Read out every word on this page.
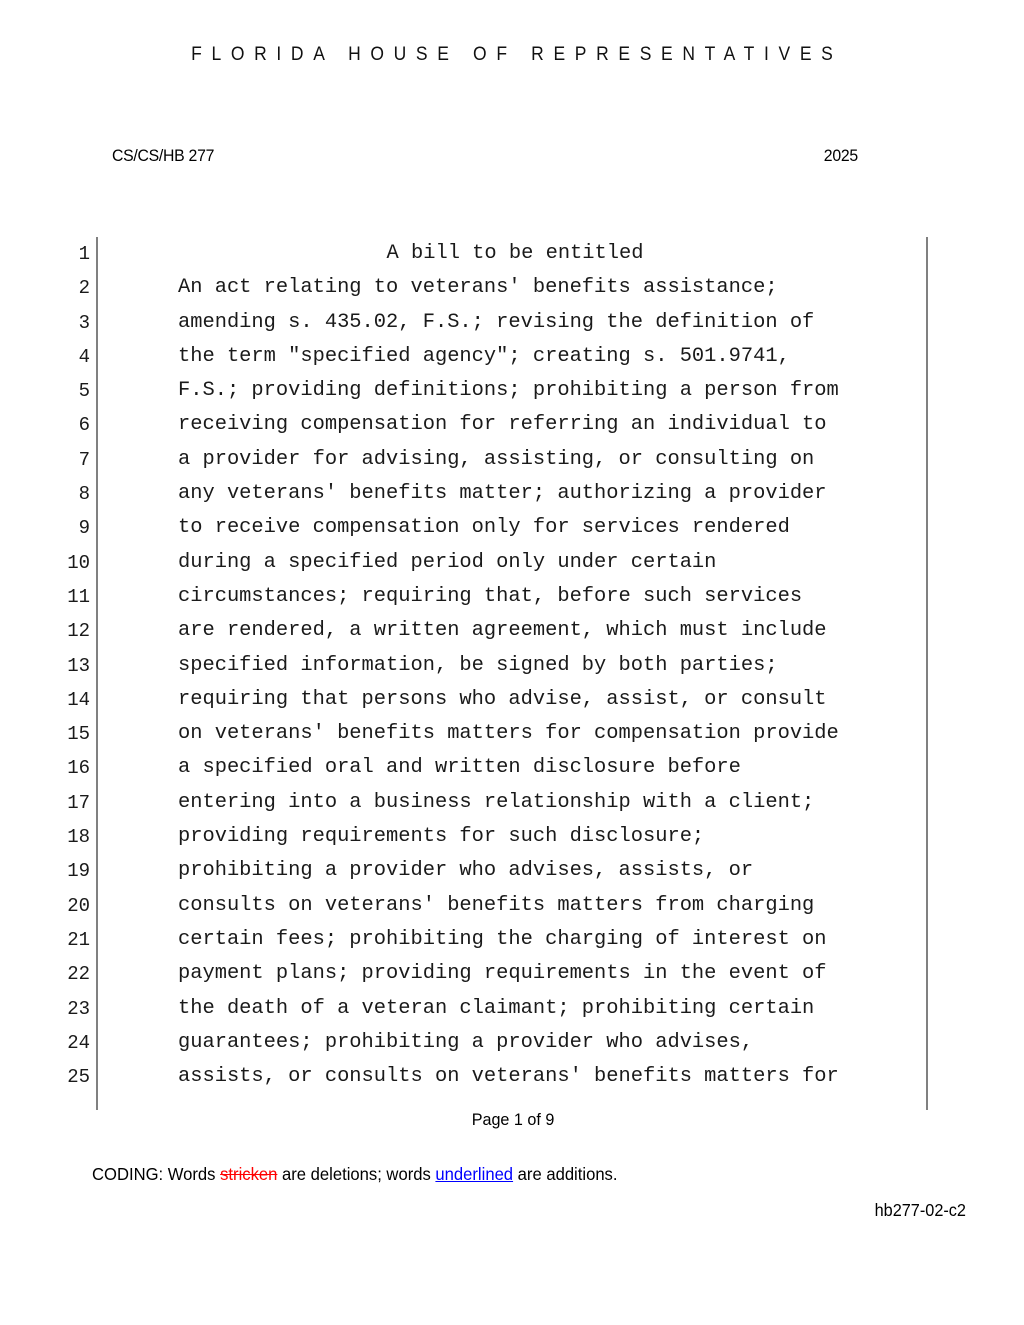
FLORIDA HOUSE OF REPRESENTATIVES
CS/CS/HB 277	2025
1	A bill to be entitled
2	An act relating to veterans' benefits assistance;
3	amending s. 435.02, F.S.; revising the definition of
4	the term "specified agency"; creating s. 501.9741,
5	F.S.; providing definitions; prohibiting a person from
6	receiving compensation for referring an individual to
7	a provider for advising, assisting, or consulting on
8	any veterans' benefits matter; authorizing a provider
9	to receive compensation only for services rendered
10	during a specified period only under certain
11	circumstances; requiring that, before such services
12	are rendered, a written agreement, which must include
13	specified information, be signed by both parties;
14	requiring that persons who advise, assist, or consult
15	on veterans' benefits matters for compensation provide
16	a specified oral and written disclosure before
17	entering into a business relationship with a client;
18	providing requirements for such disclosure;
19	prohibiting a provider who advises, assists, or
20	consults on veterans' benefits matters from charging
21	certain fees; prohibiting the charging of interest on
22	payment plans; providing requirements in the event of
23	the death of a veteran claimant; prohibiting certain
24	guarantees; prohibiting a provider who advises,
25	assists, or consults on veterans' benefits matters for
Page 1 of 9
CODING: Words stricken are deletions; words underlined are additions.
hb277-02-c2
